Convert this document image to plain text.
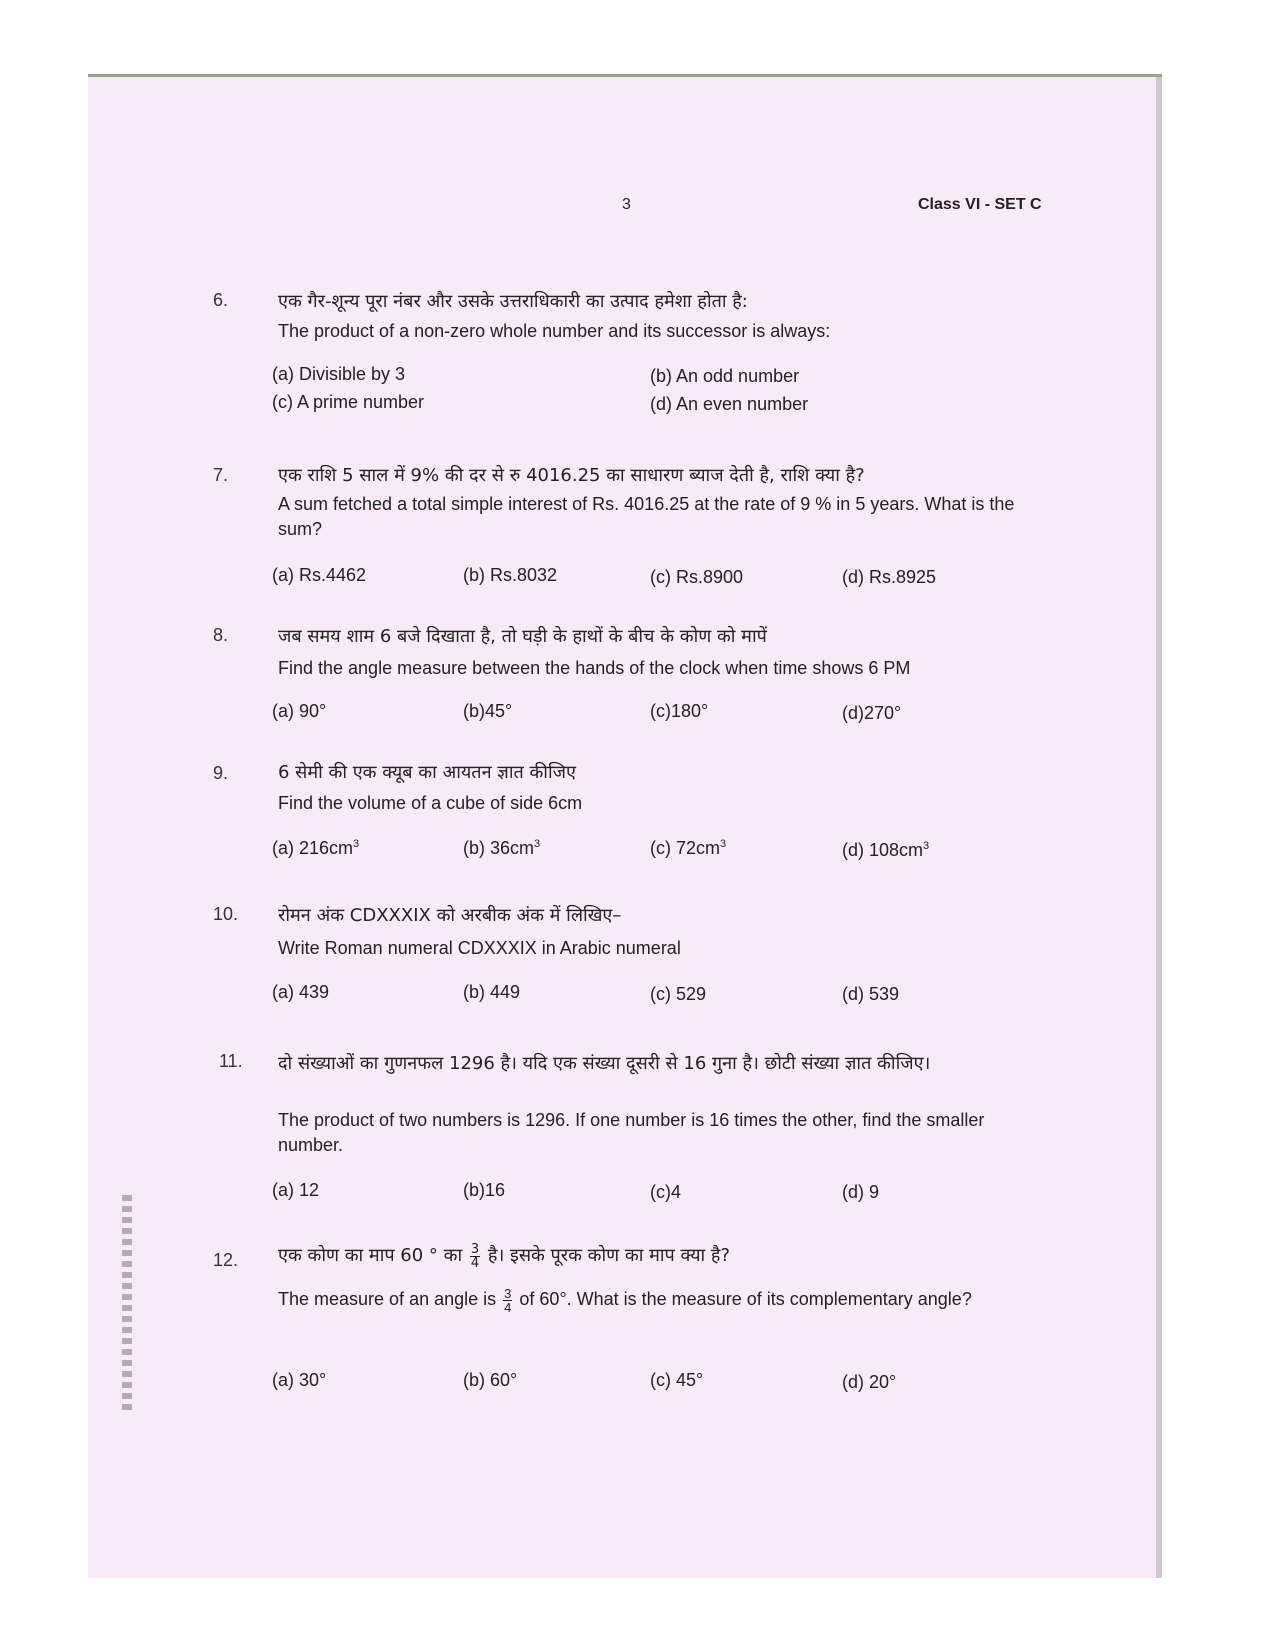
3	Class VI - SET C
6.	एक गैर-शून्य पूरा नंबर और उसके उत्तराधिकारी का उत्पाद हमेशा होता है:
The product of a non-zero whole number and its successor is always:
(a) Divisible by 3	(b) An odd number
(c) A prime number	(d) An even number
7.	एक राशि 5 साल में 9% की दर से रु 4016.25 का साधारण ब्याज देती है, राशि क्या है?
A sum fetched a total simple interest of Rs. 4016.25 at the rate of 9 % in 5 years. What is the sum?
(a) Rs.4462	(b) Rs.8032	(c) Rs.8900	(d) Rs.8925
8.	जब समय शाम 6 बजे दिखाता है, तो घड़ी के हाथों के बीच के कोण को मापें
Find the angle measure between the hands of the clock when time shows 6 PM
(a) 90°	(b)45°	(c)180°	(d)270°
9.	6 सेमी की एक क्यूब का आयतन ज्ञात कीजिए
Find the volume of a cube of side 6cm
(a) $216cm^3$	(b) $36cm^3$	(c) $72cm^3$	(d) $108cm^3$
10. रोमन अंक CDXXXIX को अरबीक अंक में लिखिए–
Write Roman numeral CDXXXIX in Arabic numeral
(a) 439	(b) 449	(c) 529	(d) 539
11. दो संख्याओं का गुणनफल 1296 है। यदि एक संख्या दूसरी से 16 गुना है। छोटी संख्या ज्ञात कीजिए।
The product of two numbers is 1296. If one number is 16 times the other, find the smaller number.
(a) 12	(b)16	(c)4	(d) 9
12. एक कोण का माप 60 ° का $\frac{3}{4}$ है। इसके पूरक कोण का माप क्या है?
The measure of an angle is $\frac{3}{4}$ of 60°. What is the measure of its complementary angle?
(a) 30°	(b) 60°	(c) 45°	(d) 20°
